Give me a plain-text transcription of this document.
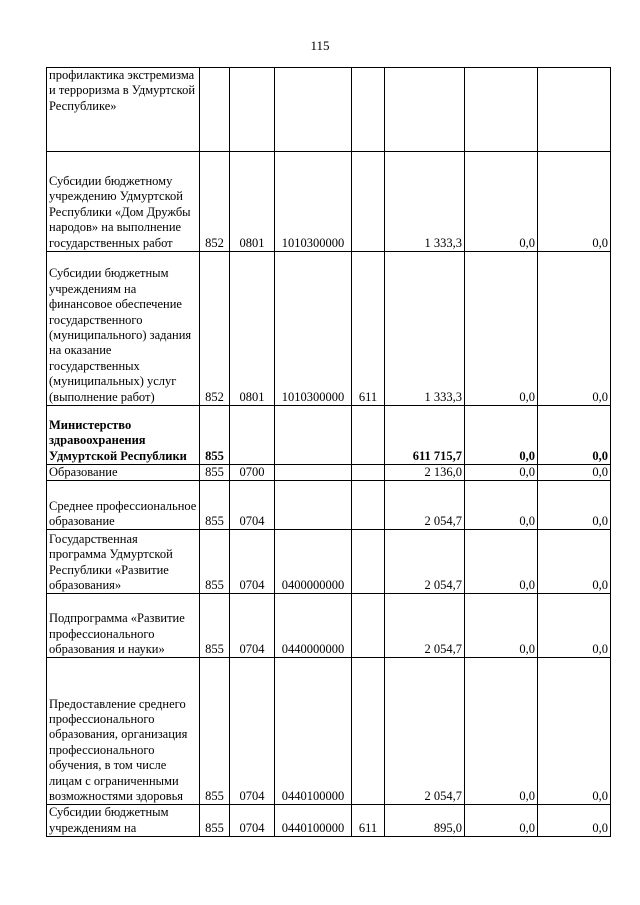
115
профилактика экстремизма и терроризма в Удмуртской Республике»							
Субсидии бюджетному учреждению Удмуртской Республики «Дом Дружбы народов» на выполнение государственных работ	852	0801	1010300000		1 333,3	0,0	0,0
Субсидии бюджетным учреждениям на финансовое обеспечение государственного (муниципального) задания на оказание государственных (муниципальных) услуг (выполнение работ)	852	0801	1010300000	611	1 333,3	0,0	0,0
Министерство здравоохранения Удмуртской Республики	855				611 715,7	0,0	0,0
Образование	855	0700			2 136,0	0,0	0,0
Среднее профессиональное образование	855	0704			2 054,7	0,0	0,0
Государственная программа Удмуртской Республики «Развитие образования»	855	0704	0400000000		2 054,7	0,0	0,0
Подпрограмма «Развитие профессионального образования и науки»	855	0704	0440000000		2 054,7	0,0	0,0
Предоставление среднего профессионального образования, организация профессионального обучения, в том числе лицам с ограниченными возможностями здоровья	855	0704	0440100000		2 054,7	0,0	0,0
Субсидии бюджетным учреждениям на	855	0704	0440100000	611	895,0	0,0	0,0
